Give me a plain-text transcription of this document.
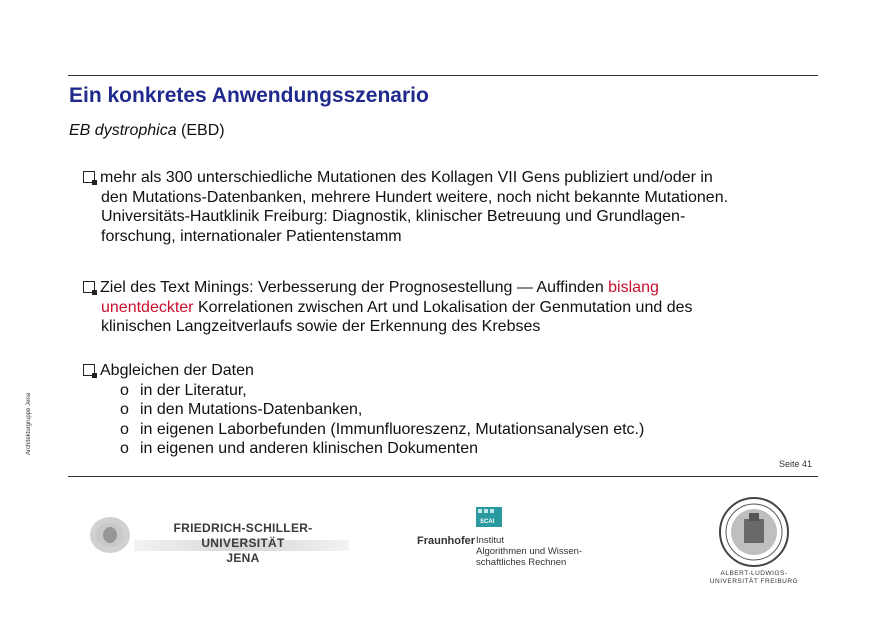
Ein konkretes Anwendungsszenario
EB dystrophica (EBD)
mehr als 300 unterschiedliche Mutationen des Kollagen VII Gens publiziert und/oder in
den Mutations-Datenbanken, mehrere Hundert weitere, noch nicht bekannte Mutationen.
Universitäts-Hautklinik Freiburg: Diagnostik, klinischer Betreuung und Grundlagen-
forschung, internationaler Patientenstamm
Ziel des Text Minings: Verbesserung der Prognosestellung — Auffinden bislang
unentdeckter Korrelationen zwischen Art und Lokalisation der Genmutation und des
klinischen Langzeitverlaufs sowie der Erkennung des Krebses
Abgleichen der Daten
o in der Literatur,
o in den Mutations-Datenbanken,
o in eigenen Laborbefunden (Immunfluoreszenz, Mutationsanalysen etc.)
o in eigenen und anderen klinischen Dokumenten
Architekturgruppe Jena
Seite 41
FRIEDRICH-SCHILLER-UNIVERSITÄT
JENA
SCAI
Fraunhofer Institut
Algorithmen und Wissen-
schaftliches Rechnen
ALBERT-LUDWIGS-
UNIVERSITÄT FREIBURG
